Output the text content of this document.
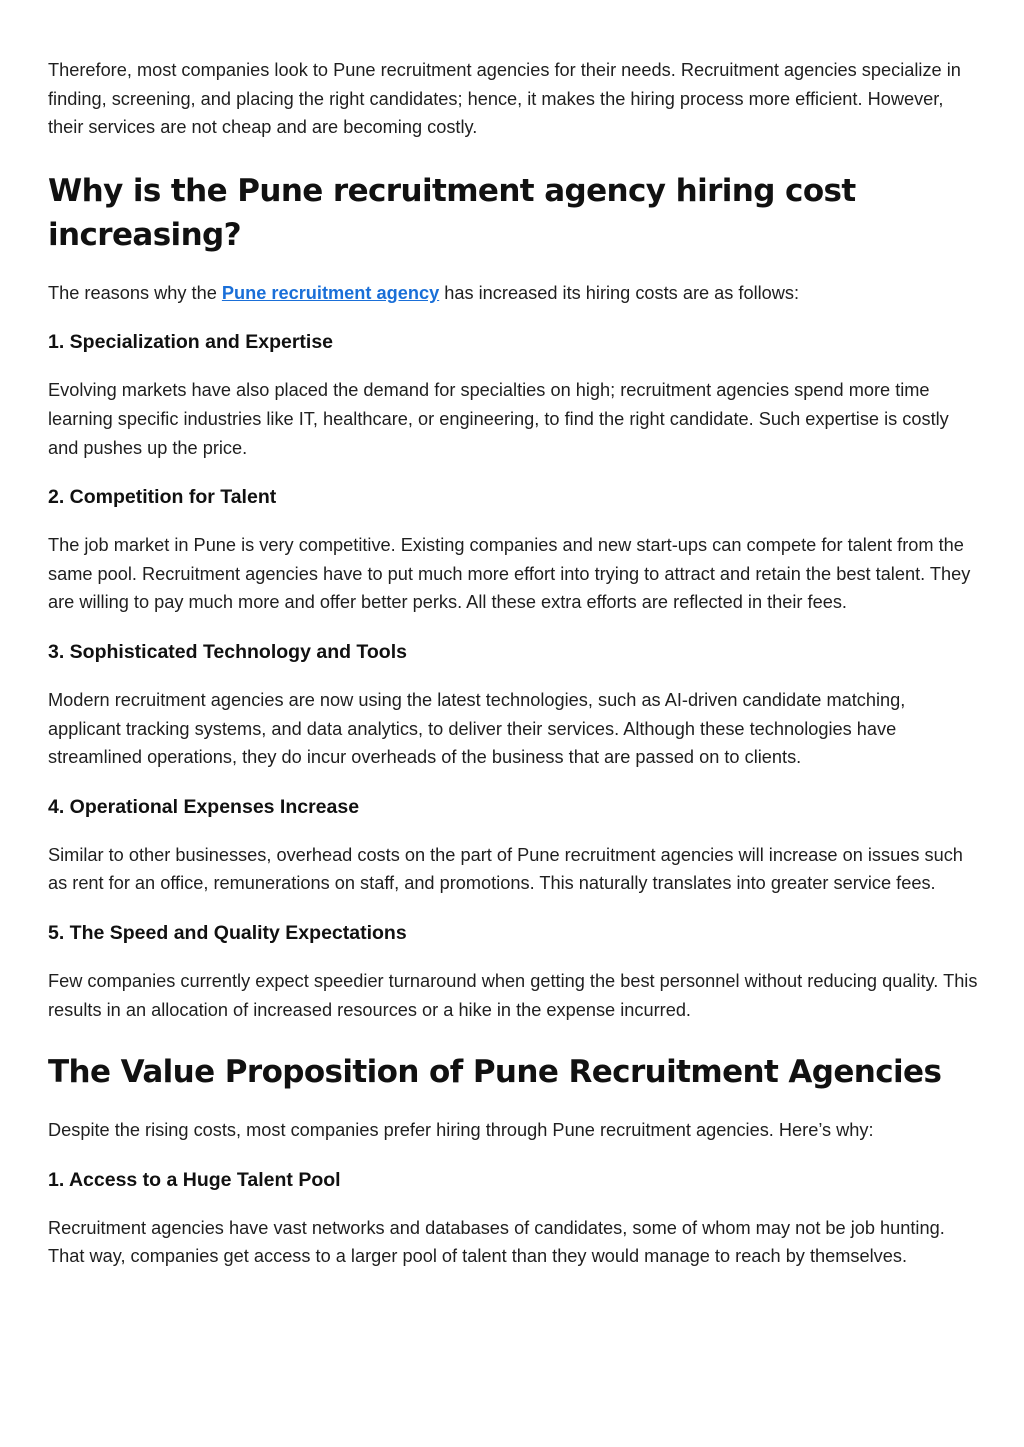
Therefore, most companies look to Pune recruitment agencies for their needs. Recruitment agencies specialize in finding, screening, and placing the right candidates; hence, it makes the hiring process more efficient. However, their services are not cheap and are becoming costly.

Why is the Pune recruitment agency hiring cost increasing?

The reasons why the Pune recruitment agency has increased its hiring costs are as follows:

1. Specialization and Expertise

Evolving markets have also placed the demand for specialties on high; recruitment agencies spend more time learning specific industries like IT, healthcare, or engineering, to find the right candidate. Such expertise is costly and pushes up the price.

2. Competition for Talent

The job market in Pune is very competitive. Existing companies and new start-ups can compete for talent from the same pool. Recruitment agencies have to put much more effort into trying to attract and retain the best talent. They are willing to pay much more and offer better perks. All these extra efforts are reflected in their fees.

3. Sophisticated Technology and Tools

Modern recruitment agencies are now using the latest technologies, such as AI-driven candidate matching, applicant tracking systems, and data analytics, to deliver their services. Although these technologies have streamlined operations, they do incur overheads of the business that are passed on to clients.

4. Operational Expenses Increase

Similar to other businesses, overhead costs on the part of Pune recruitment agencies will increase on issues such as rent for an office, remunerations on staff, and promotions. This naturally translates into greater service fees.

5. The Speed and Quality Expectations

Few companies currently expect speedier turnaround when getting the best personnel without reducing quality. This results in an allocation of increased resources or a hike in the expense incurred.

The Value Proposition of Pune Recruitment Agencies

Despite the rising costs, most companies prefer hiring through Pune recruitment agencies. Here’s why:

1. Access to a Huge Talent Pool

Recruitment agencies have vast networks and databases of candidates, some of whom may not be job hunting. That way, companies get access to a larger pool of talent than they would manage to reach by themselves.
